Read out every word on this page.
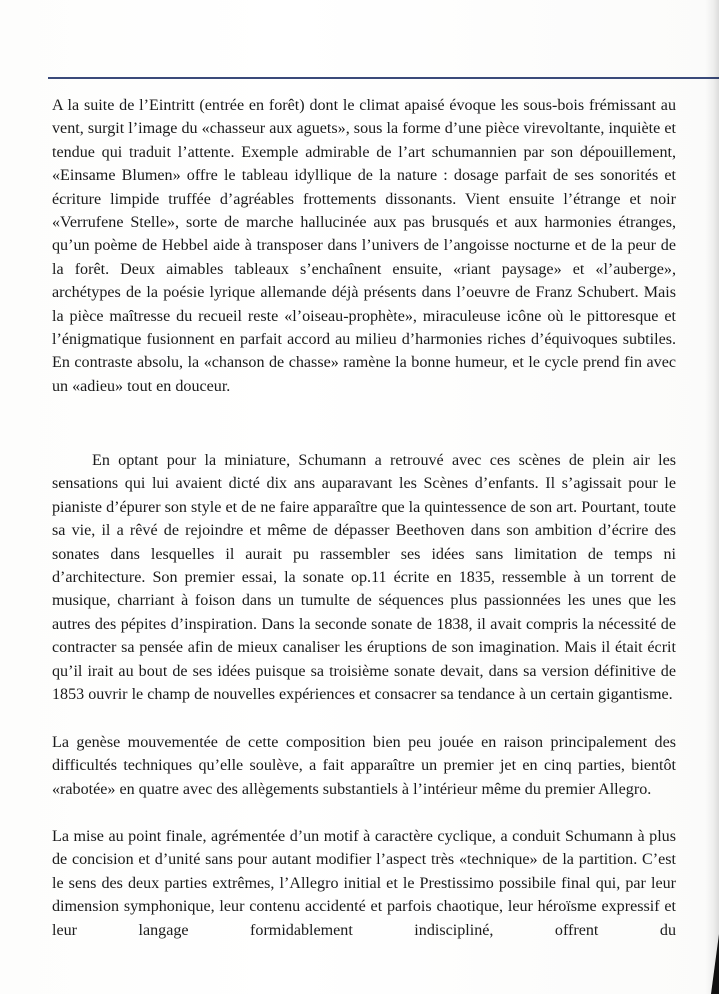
A la suite de l’Eintritt (entrée en forêt) dont le climat apaisé évoque les sous-bois frémissant au vent, surgit l’image du «chasseur aux aguets», sous la forme d’une pièce virevoltante, inquiète et tendue qui traduit l’attente. Exemple admirable de l’art schumannien par son dépouillement, «Einsame Blumen» offre le tableau idyllique de la nature : dosage parfait de ses sonorités et écriture limpide truffée d’agréables frottements dissonants. Vient ensuite l’étrange et noir «Verrufene Stelle», sorte de marche hallucinée aux pas brusqués et aux harmonies étranges, qu’un poème de Hebbel aide à transposer dans l’univers de l’angoisse nocturne et de la peur de la forêt. Deux aimables tableaux s’enchaînent ensuite, «riant paysage» et «l’auberge», archétypes de la poésie lyrique allemande déjà présents dans l’oeuvre de Franz Schubert. Mais la pièce maîtresse du recueil reste «l’oiseau-prophète», miraculeuse icône où le pittoresque et l’énigmatique fusionnent en parfait accord au milieu d’harmonies riches d’équivoques subtiles. En contraste absolu, la «chanson de chasse» ramène la bonne humeur, et le cycle prend fin avec un «adieu» tout en douceur.

En optant pour la miniature, Schumann a retrouvé avec ces scènes de plein air les sensations qui lui avaient dicté dix ans auparavant les Scènes d’enfants. Il s’agissait pour le pianiste d’épurer son style et de ne faire apparaître que la quintessence de son art. Pourtant, toute sa vie, il a rêvé de rejoindre et même de dépasser Beethoven dans son ambition d’écrire des sonates dans lesquelles il aurait pu rassembler ses idées sans limitation de temps ni d’architecture. Son premier essai, la sonate op.11 écrite en 1835, ressemble à un torrent de musique, charriant à foison dans un tumulte de séquences plus passionnées les unes que les autres des pépites d’inspiration. Dans la seconde sonate de 1838, il avait compris la nécessité de contracter sa pensée afin de mieux canaliser les éruptions de son imagination. Mais il était écrit qu’il irait au bout de ses idées puisque sa troisième sonate devait, dans sa version définitive de 1853 ouvrir le champ de nouvelles expériences et consacrer sa tendance à un certain gigantisme.

La genèse mouvementée de cette composition bien peu jouée en raison principalement des difficultés techniques qu’elle soulève, a fait apparaître un premier jet en cinq parties, bientôt «rabotée» en quatre avec des allègements substantiels à l’intérieur même du premier Allegro.

La mise au point finale, agrémentée d’un motif à caractère cyclique, a conduit Schumann à plus de concision et d’unité sans pour autant modifier l’aspect très «technique» de la partition. C’est le sens des deux parties extrêmes, l’Allegro initial et le Prestissimo possibile final qui, par leur dimension symphonique, leur contenu accidenté et parfois chaotique, leur héroïsme expressif et leur langage formidablement indiscipliné, offrent du
